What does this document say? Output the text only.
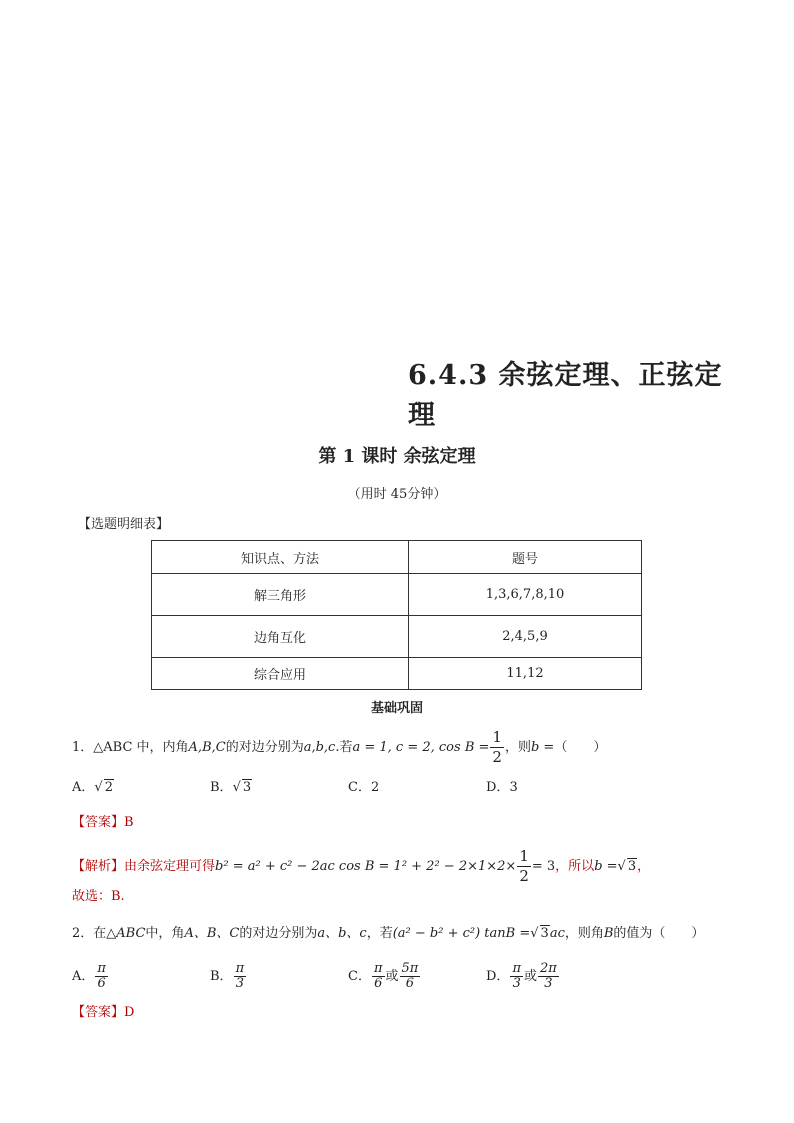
6.4.3 余弦定理、正弦定理
第 1 课时 余弦定理
（用时 45分钟）
【选题明细表】
知识点、方法	题号
解三角形	1,3,6,7,8,10
边角互化	2,4,5,9
综合应用	11,12
基础巩固
1．△ABC 中，内角A,B,C的对边分别为a,b,c.若a = 1, c = 2, $\cos B = \frac{1}{2}$ ，则b =（　　）
A．√ 2	B．√ 3	C．2	D．3
【答案】B
【解析】由余弦定理可得b² = a² + c² − 2ac $\cos B = 1^2 + 2^2 - 2\times 1\times 2\times \frac{1}{2} = 3$，所以b =√ 3，
故选：B.
2．在△ABC中，角A、B、C的对边分别为a、b、c，若(a² − b² + c²) tanB =√ 3ac，则角B的值为（　　）
A． $\frac{\pi}{6}$	B． $\frac{\pi}{3}$	C． $\frac{\pi}{6}$ 或 $\frac{5\pi}{6}$	D． $\frac{\pi}{3}$ 或 $\frac{2\pi}{3}$
【答案】D
